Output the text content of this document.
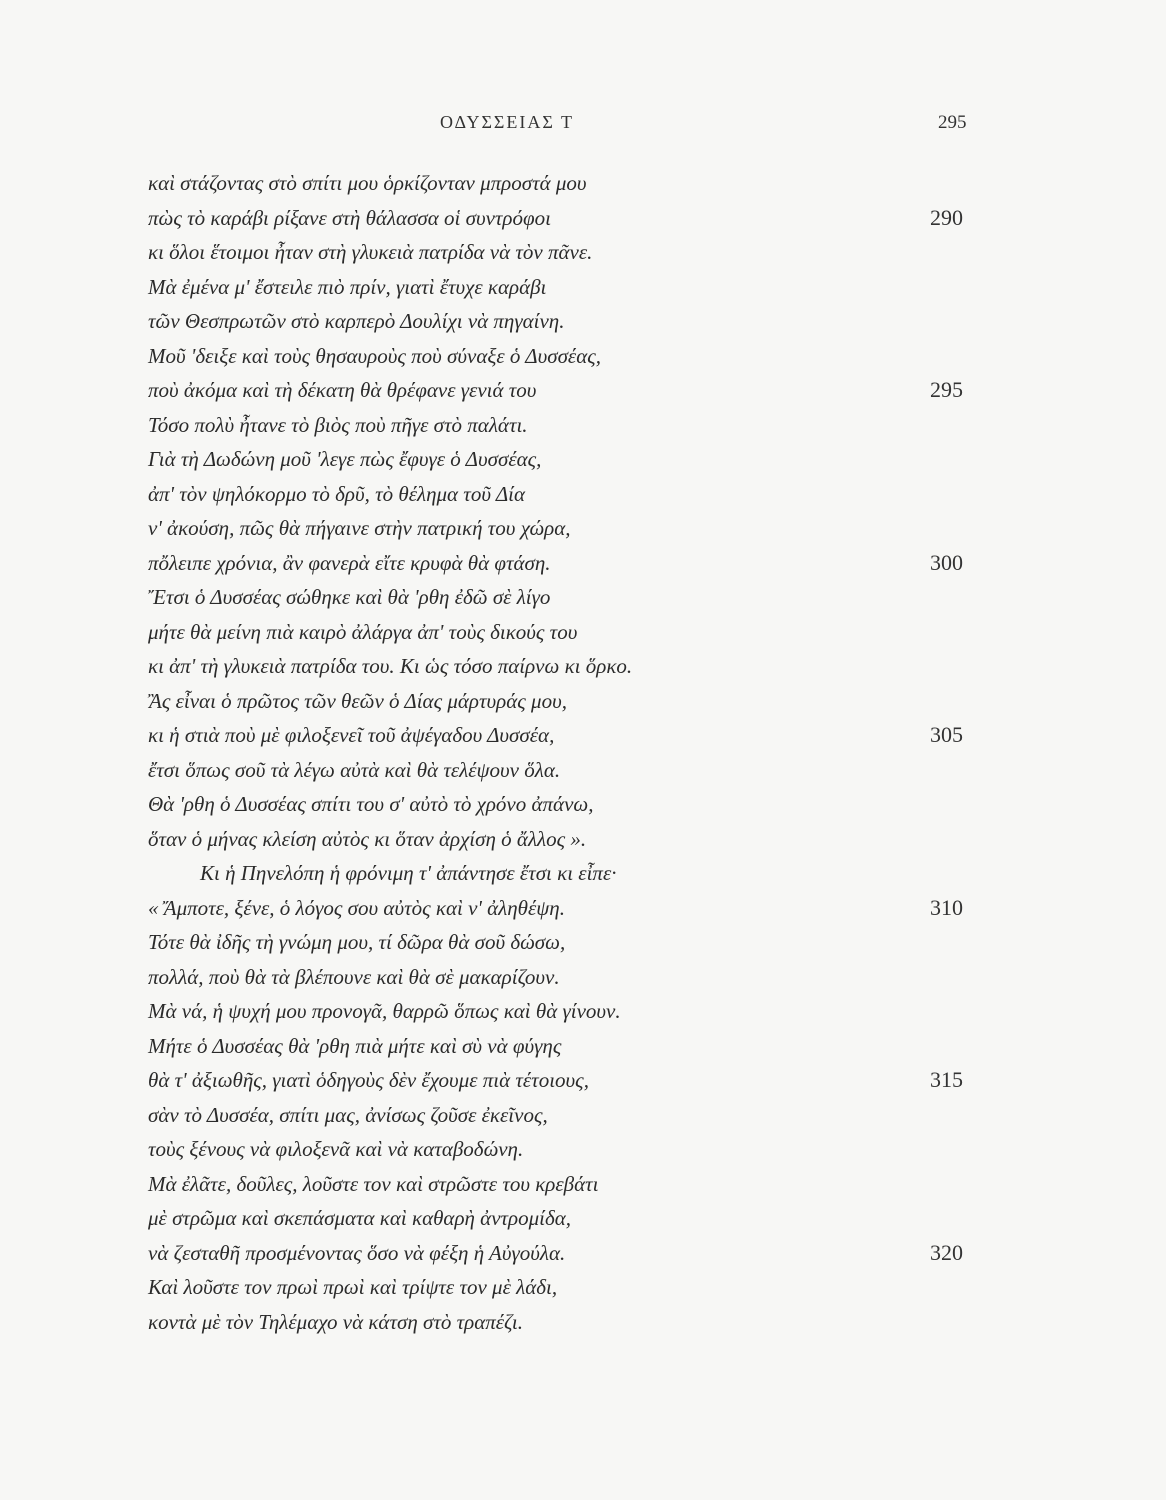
ΟΔΥΣΣΕΙΑΣ Τ	295
καὶ στάζοντας στὸ σπίτι μου ὁρκίζονταν μπροστά μου
πὼς τὸ καράβι ρίξανε στὴ θάλασσα οἱ συντρόφοι	290
κι ὅλοι ἕτοιμοι ἦταν στὴ γλυκειὰ πατρίδα νὰ τὸν πᾶνε.
Μὰ ἐμένα μ' ἔστειλε πιὸ πρίν, γιατὶ ἔτυχε καράβι
τῶν Θεσπρωτῶν στὸ καρπερὸ Δουλίχι νὰ πηγαίνη.
Μοῦ 'δειξε καὶ τοὺς θησαυροὺς ποὺ σύναξε ὁ Δυσσέας,
ποὺ ἀκόμα καὶ τὴ δέκατη θὰ θρέφανε γενιά του	295
Τόσο πολὺ ἦτανε τὸ βιὸς ποὺ πῆγε στὸ παλάτι.
Γιὰ τὴ Δωδώνη μοῦ 'λεγε πὼς ἔφυγε ὁ Δυσσέας,
ἀπ' τὸν ψηλόκορμο τὸ δρῦ, τὸ θέλημα τοῦ Δία
ν' ἀκούση, πῶς θὰ πήγαινε στὴν πατρική του χώρα,
πὄλειπε χρόνια, ἂν φανερὰ εἴτε κρυφὰ θὰ φτάση.	300
Ἔτσι ὁ Δυσσέας σώθηκε καὶ θὰ 'ρθη ἐδῶ σὲ λίγο
μήτε θὰ μείνη πιὰ καιρὸ ἀλάργα ἀπ' τοὺς δικούς του
κι ἀπ' τὴ γλυκειὰ πατρίδα του. Κι ὡς τόσο παίρνω κι ὅρκο.
Ἂς εἶναι ὁ πρῶτος τῶν θεῶν ὁ Δίας μάρτυράς μου,
κι ἡ στιὰ ποὺ μὲ φιλοξενεῖ τοῦ ἀψέγαδου Δυσσέα,	305
ἔτσι ὅπως σοῦ τὰ λέγω αὐτὰ καὶ θὰ τελέψουν ὅλα.
Θὰ 'ρθη ὁ Δυσσέας σπίτι του σ' αὐτὸ τὸ χρόνο ἀπάνω,
ὅταν ὁ μήνας κλείση αὐτὸς κι ὅταν ἀρχίση ὁ ἄλλος ».
Κι ἡ Πηνελόπη ἡ φρόνιμη τ' ἀπάντησε ἔτσι κι εἶπε·
« Ἄμποτε, ξένε, ὁ λόγος σου αὐτὸς καὶ ν' ἀληθέψη.	310
Τότε θὰ ἰδῆς τὴ γνώμη μου, τί δῶρα θὰ σοῦ δώσω,
πολλά, ποὺ θὰ τὰ βλέπουνε καὶ θὰ σὲ μακαρίζουν.
Μὰ νά, ἡ ψυχή μου προνογᾶ, θαρρῶ ὅπως καὶ θὰ γίνουν.
Μήτε ὁ Δυσσέας θὰ 'ρθη πιὰ μήτε καὶ σὺ νὰ φύγης
θὰ τ' ἀξιωθῆς, γιατὶ ὁδηγοὺς δὲν ἔχουμε πιὰ τέτοιους,	315
σὰν τὸ Δυσσέα, σπίτι μας, ἀνίσως ζοῦσε ἐκεῖνος,
τοὺς ξένους νὰ φιλοξενᾶ καὶ νὰ καταβοδώνη.
Μὰ ἐλᾶτε, δοῦλες, λοῦστε τον καὶ στρῶστε του κρεβάτι
μὲ στρῶμα καὶ σκεπάσματα καὶ καθαρὴ ἀντρομίδα,
νὰ ζεσταθῆ προσμένοντας ὅσο νὰ φέξη ἡ Αὐγούλα.	320
Καὶ λοῦστε τον πρωὶ πρωὶ καὶ τρίψτε τον μὲ λάδι,
κοντὰ μὲ τὸν Τηλέμαχο νὰ κάτση στὸ τραπέζι.
